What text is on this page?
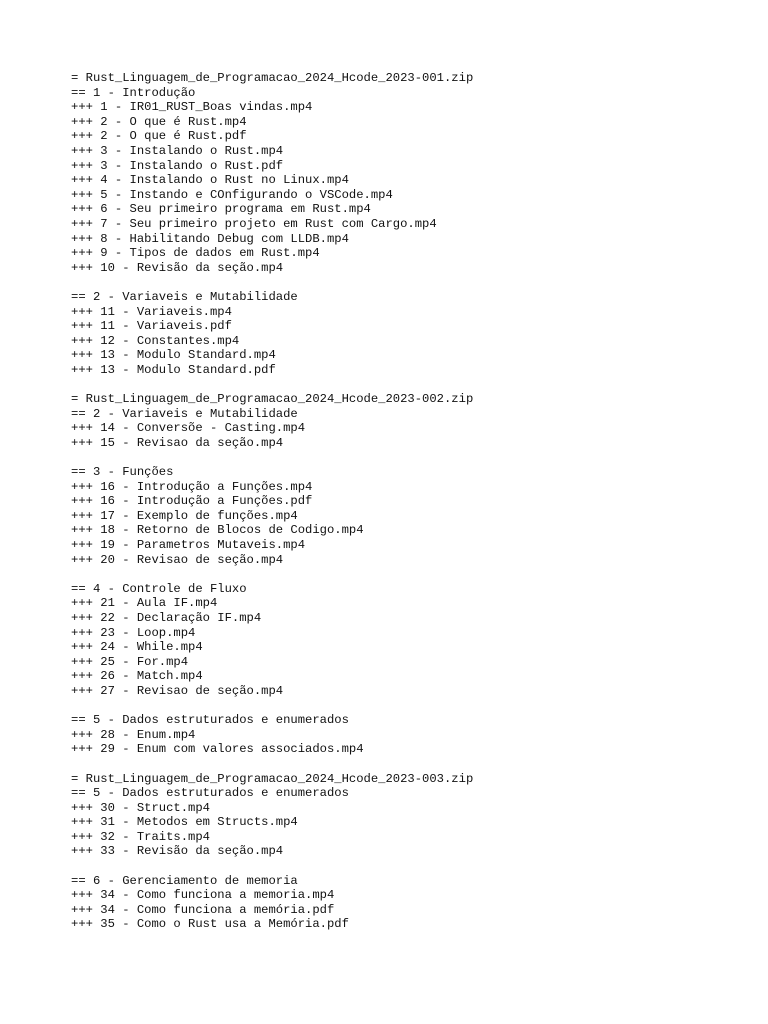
= Rust_Linguagem_de_Programacao_2024_Hcode_2023-001.zip
== 1 - Introdução
+++ 1 - IR01_RUST_Boas vindas.mp4
+++ 2 - O que é Rust.mp4
+++ 2 - O que é Rust.pdf
+++ 3 - Instalando o Rust.mp4
+++ 3 - Instalando o Rust.pdf
+++ 4 - Instalando o Rust no Linux.mp4
+++ 5 - Instando e COnfigurando o VSCode.mp4
+++ 6 - Seu primeiro programa em Rust.mp4
+++ 7 - Seu primeiro projeto em Rust com Cargo.mp4
+++ 8 - Habilitando Debug com LLDB.mp4
+++ 9 - Tipos de dados em Rust.mp4
+++ 10 - Revisão da seção.mp4
== 2 - Variaveis e Mutabilidade
+++ 11 - Variaveis.mp4
+++ 11 - Variaveis.pdf
+++ 12 - Constantes.mp4
+++ 13 - Modulo Standard.mp4
+++ 13 - Modulo Standard.pdf
= Rust_Linguagem_de_Programacao_2024_Hcode_2023-002.zip
== 2 - Variaveis e Mutabilidade
+++ 14 - Conversõe - Casting.mp4
+++ 15 - Revisao da seção.mp4
== 3 - Funções
+++ 16 - Introdução a Funções.mp4
+++ 16 - Introdução a Funções.pdf
+++ 17 - Exemplo de funções.mp4
+++ 18 - Retorno de Blocos de Codigo.mp4
+++ 19 - Parametros Mutaveis.mp4
+++ 20 - Revisao de seção.mp4
== 4 - Controle de Fluxo
+++ 21 - Aula IF.mp4
+++ 22 - Declaração IF.mp4
+++ 23 - Loop.mp4
+++ 24 - While.mp4
+++ 25 - For.mp4
+++ 26 - Match.mp4
+++ 27 - Revisao de seção.mp4
== 5 - Dados estruturados e enumerados
+++ 28 - Enum.mp4
+++ 29 - Enum com valores associados.mp4
= Rust_Linguagem_de_Programacao_2024_Hcode_2023-003.zip
== 5 - Dados estruturados e enumerados
+++ 30 - Struct.mp4
+++ 31 - Metodos em Structs.mp4
+++ 32 - Traits.mp4
+++ 33 - Revisão da seção.mp4
== 6 - Gerenciamento de memoria
+++ 34 - Como funciona a memoria.mp4
+++ 34 - Como funciona a memória.pdf
+++ 35 - Como o Rust usa a Memória.pdf
